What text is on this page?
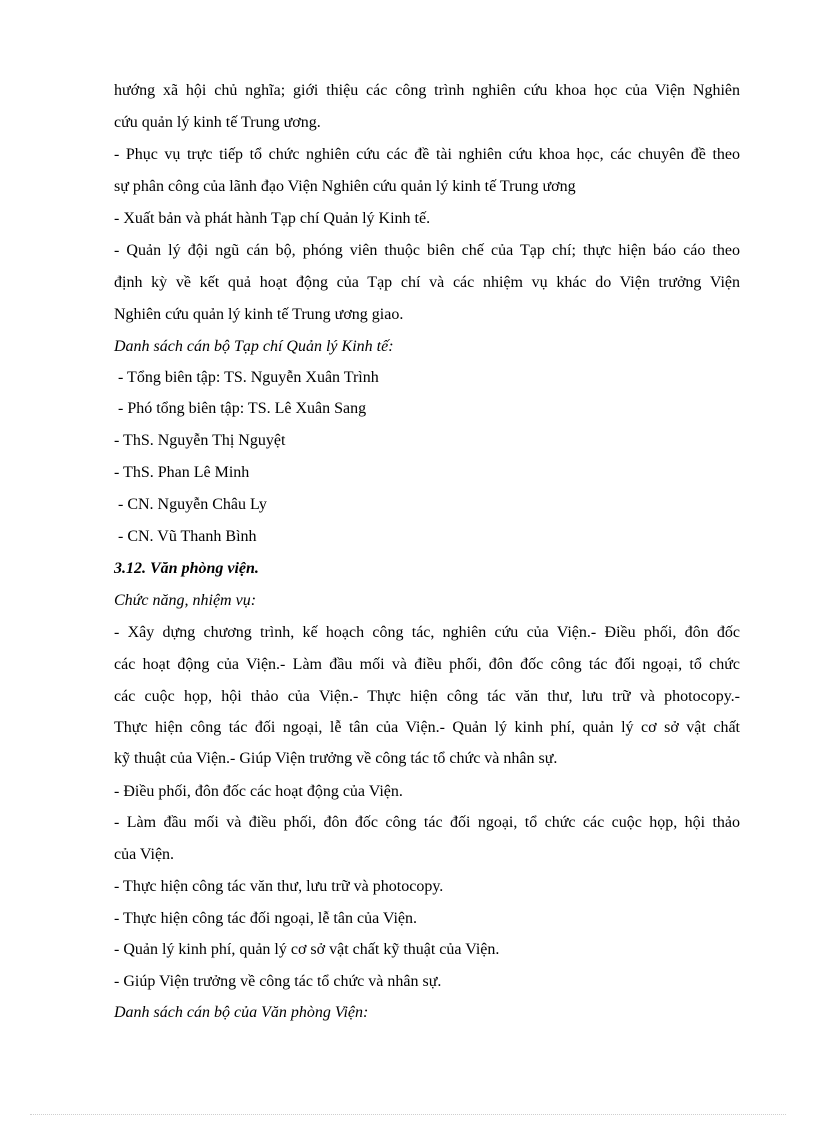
hướng xã hội chủ nghĩa; giới thiệu các công trình nghiên cứu khoa học của Viện Nghiên
cứu quản lý kinh tế Trung ương.
- Phục vụ trực tiếp tổ chức nghiên cứu các đề tài nghiên cứu khoa học, các chuyên đề theo
sự phân công của lãnh đạo Viện Nghiên cứu quản lý kinh tế Trung ương
- Xuất bản và phát hành Tạp chí Quản lý Kinh tế.
- Quản lý đội ngũ cán bộ, phóng viên thuộc biên chế của Tạp chí; thực hiện báo cáo theo
định kỳ về kết quả hoạt động của Tạp chí và các nhiệm vụ khác do Viện trưởng Viện
Nghiên cứu quản lý kinh tế Trung ương giao.
Danh sách cán bộ Tạp chí Quản lý Kinh tế:
- Tổng biên tập: TS. Nguyễn Xuân Trình
- Phó tổng biên tập: TS. Lê Xuân Sang
- ThS. Nguyễn Thị Nguyệt
- ThS. Phan Lê Minh
- CN. Nguyễn Châu Ly
- CN. Vũ Thanh Bình
3.12. Văn phòng viện.
Chức năng, nhiệm vụ:
- Xây dựng chương trình, kế hoạch công tác, nghiên cứu của Viện.- Điều phối, đôn đốc
các hoạt động của Viện.- Làm đầu mối và điều phối, đôn đốc công tác đối ngoại, tổ chức
các cuộc họp, hội thảo của Viện.- Thực hiện công tác văn thư, lưu trữ và photocopy.-
Thực hiện công tác đối ngoại, lễ tân của Viện.- Quản lý kinh phí, quản lý cơ sở vật chất
kỹ thuật của Viện.- Giúp Viện trưởng về công tác tổ chức và nhân sự.
- Điều phối, đôn đốc các hoạt động của Viện.
- Làm đầu mối và điều phối, đôn đốc công tác đối ngoại, tổ chức các cuộc họp, hội thảo
của Viện.
- Thực hiện công tác văn thư, lưu trữ và photocopy.
- Thực hiện công tác đối ngoại, lễ tân của Viện.
- Quản lý kinh phí, quản lý cơ sở vật chất kỹ thuật của Viện.
- Giúp Viện trưởng về công tác tổ chức và nhân sự.
Danh sách cán bộ của Văn phòng Viện:
